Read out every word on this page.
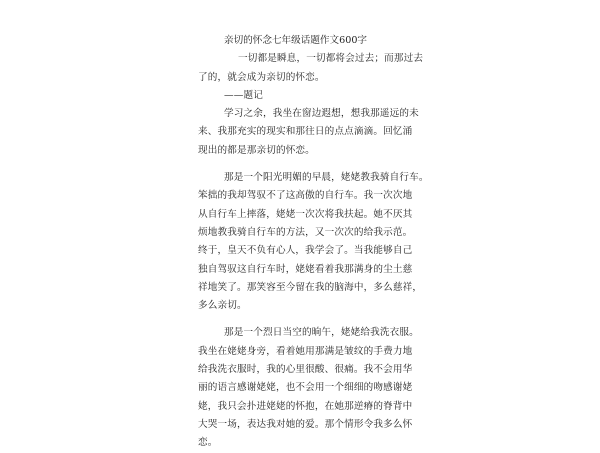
亲切的怀念七年级话题作文600字
一切都是瞬息，一切都将会过去；而那过去
了的，就会成为亲切的怀恋。
——题记
学习之余，我坐在窗边遐想，想我那遥远的未
来、我那充实的现实和那往日的点点滴滴。回忆涌
现出的都是那亲切的怀恋。
那是一个阳光明媚的早晨，姥姥教我骑自行车。
笨拙的我却驾驭不了这高傲的自行车。我一次次地
从自行车上摔落，姥姥一次次将我扶起。她不厌其
烦地教我骑自行车的方法，又一次次的给我示范。
终于，皇天不负有心人，我学会了。当我能够自己
独自驾驭这自行车时，姥姥看着我那满身的尘土慈
祥地笑了。那笑容至今留在我的脑海中，多么慈祥，
多么亲切。
那是一个烈日当空的晌午，姥姥给我洗衣服。
我坐在姥姥身旁，看着她用那满是皱纹的手费力地
给我洗衣服时，我的心里很酸、很痛。我不会用华
丽的语言感谢姥姥，也不会用一个细细的吻感谢姥
姥，我只会扑进姥姥的怀抱，在她那逆瘠的脊背中
大哭一场，表达我对她的爱。那个情形令我多么怀
恋。
